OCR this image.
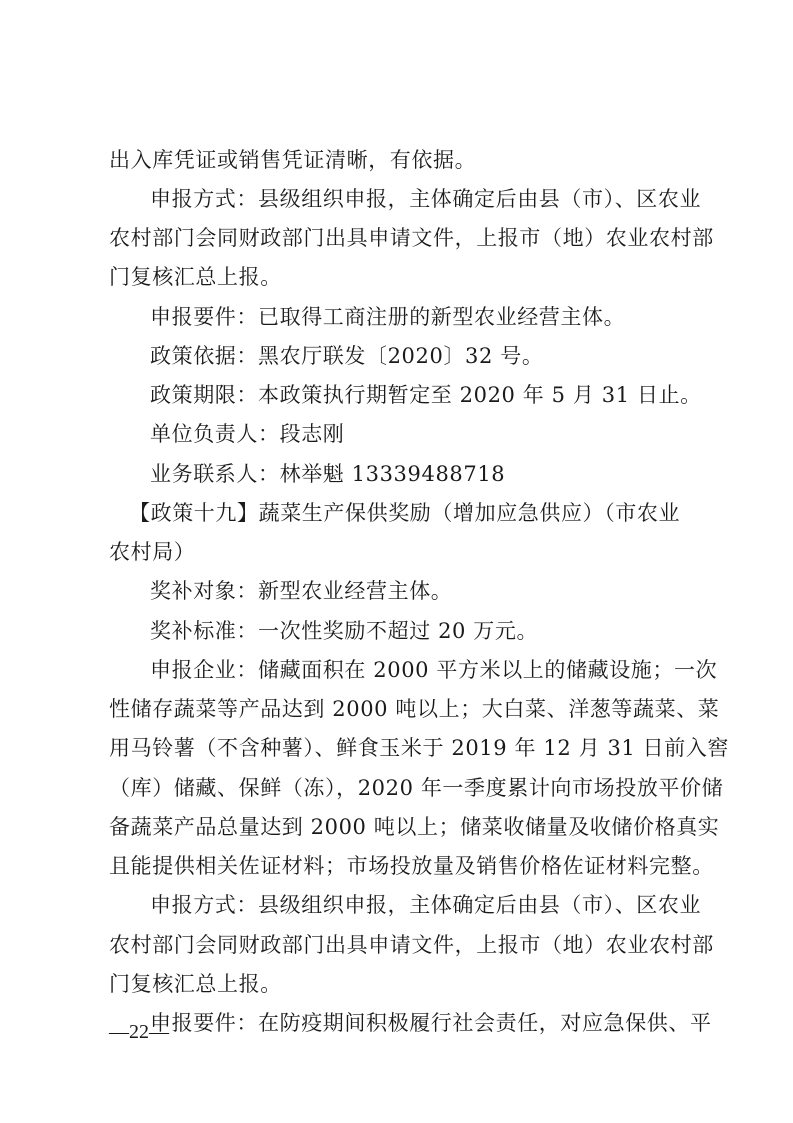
出入库凭证或销售凭证清晰，有依据。
申报方式：县级组织申报，主体确定后由县（市）、区农业
农村部门会同财政部门出具申请文件，上报市（地）农业农村部
门复核汇总上报。
申报要件：已取得工商注册的新型农业经营主体。
政策依据：黑农厅联发〔2020〕32 号。
政策期限：本政策执行期暂定至 2020 年 5 月 31 日止。
单位负责人：段志刚
业务联系人：林举魁 13339488718
【政策十九】蔬菜生产保供奖励（增加应急供应）（市农业
农村局）
奖补对象：新型农业经营主体。
奖补标准：一次性奖励不超过 20 万元。
申报企业：储藏面积在 2000 平方米以上的储藏设施；一次
性储存蔬菜等产品达到 2000 吨以上；大白菜、洋葱等蔬菜、菜
用马铃薯（不含种薯）、鲜食玉米于 2019 年 12 月 31 日前入窖
（库）储藏、保鲜（冻），2020 年一季度累计向市场投放平价储
备蔬菜产品总量达到 2000 吨以上；储菜收储量及收储价格真实
且能提供相关佐证材料；市场投放量及销售价格佐证材料完整。
申报方式：县级组织申报，主体确定后由县（市）、区农业
农村部门会同财政部门出具申请文件，上报市（地）农业农村部
门复核汇总上报。
申报要件：在防疫期间积极履行社会责任，对应急保供、平
—22—
